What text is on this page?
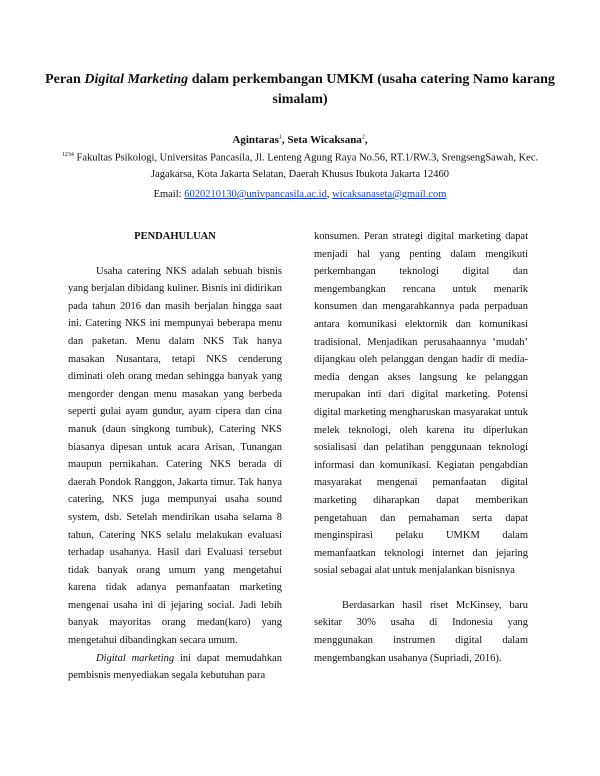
Peran Digital Marketing dalam perkembangan UMKM (usaha catering Namo karang simalam)
Agintaras$^1$, Seta Wicaksana$^2$,
$^{1234}$ Fakultas Psikologi, Universitas Pancasila, Jl. Lenteng Agung Raya No.56, RT.1/RW.3, SrengsengSawah, Kec. Jagakarsa, Kota Jakarta Selatan, Daerah Khusus Ibukota Jakarta 12460
Email: 6020210130@univpancasila.ac.id, wicaksanaseta@gmail.com
PENDAHULUAN

Usaha catering NKS adalah sebuah bisnis yang berjalan dibidang kuliner. Bisnis ini didirikan pada tahun 2016 dan masih berjalan hingga saat ini. Catering NKS ini mempunyai beberapa menu dan paketan. Menu dalam NKS Tak hanya masakan Nusantara, tetapi NKS cenderung diminati oleh orang medan sehingga banyak yang mengorder dengan menu masakan yang berbeda seperti gulai ayam gundur, ayam cipera dan cina manuk (daun singkong tumbuk), Catering NKS biasanya dipesan untuk acara Arisan, Tunangan maupun pernikahan. Catering NKS berada di daerah Pondok Ranggon, Jakarta timur. Tak hanya catering, NKS juga mempunyai usaha sound system, dsb. Setelah mendirikan usaha selama 8 tahun, Catering NKS selalu melakukan evaluasi terhadap usahanya. Hasil dari Evaluasi tersebut tidak banyak orang umum yang mengetahui karena tidak adanya pemanfaatan marketing mengenai usaha ini di jejaring social. Jadi lebih banyak mayoritas orang medan(karo) yang mengetahui dibandingkan secara umum.

Digital marketing ini dapat memudahkan pembisnis menyediakan segala kebutuhan para

konsumen. Peran strategi digital marketing dapat menjadi hal yang penting dalam mengikuti perkembangan teknologi digital dan mengembangkan rencana untuk menarik konsumen dan mengarahkannya pada perpaduan antara komunikasi elektornik dan komunikasi tradisional. Menjadikan perusahaannya ‘mudah’ dijangkau oleh pelanggan dengan hadir di media-media dengan akses langsung ke pelanggan merupakan inti dari digital marketing. Potensi digital marketing mengharuskan masyarakat untuk melek teknologi, oleh karena itu diperlukan sosialisasi dan pelatihan penggunaan teknologi informasi dan komunikasi. Kegiatan pengabdian masyarakat mengenai pemanfaatan digital marketing diharapkan dapat memberikan pengetahuan dan pemahaman serta dapat menginspirasi pelaku UMKM dalam memanfaatkan teknologi internet dan jejaring sosial sebagai alat untuk menjalankan bisnisnya

Berdasarkan hasil riset McKinsey, baru sekitar 30% usaha di Indonesia yang menggunakan instrumen digital dalam mengembangkan usahanya (Supriadi, 2016).
